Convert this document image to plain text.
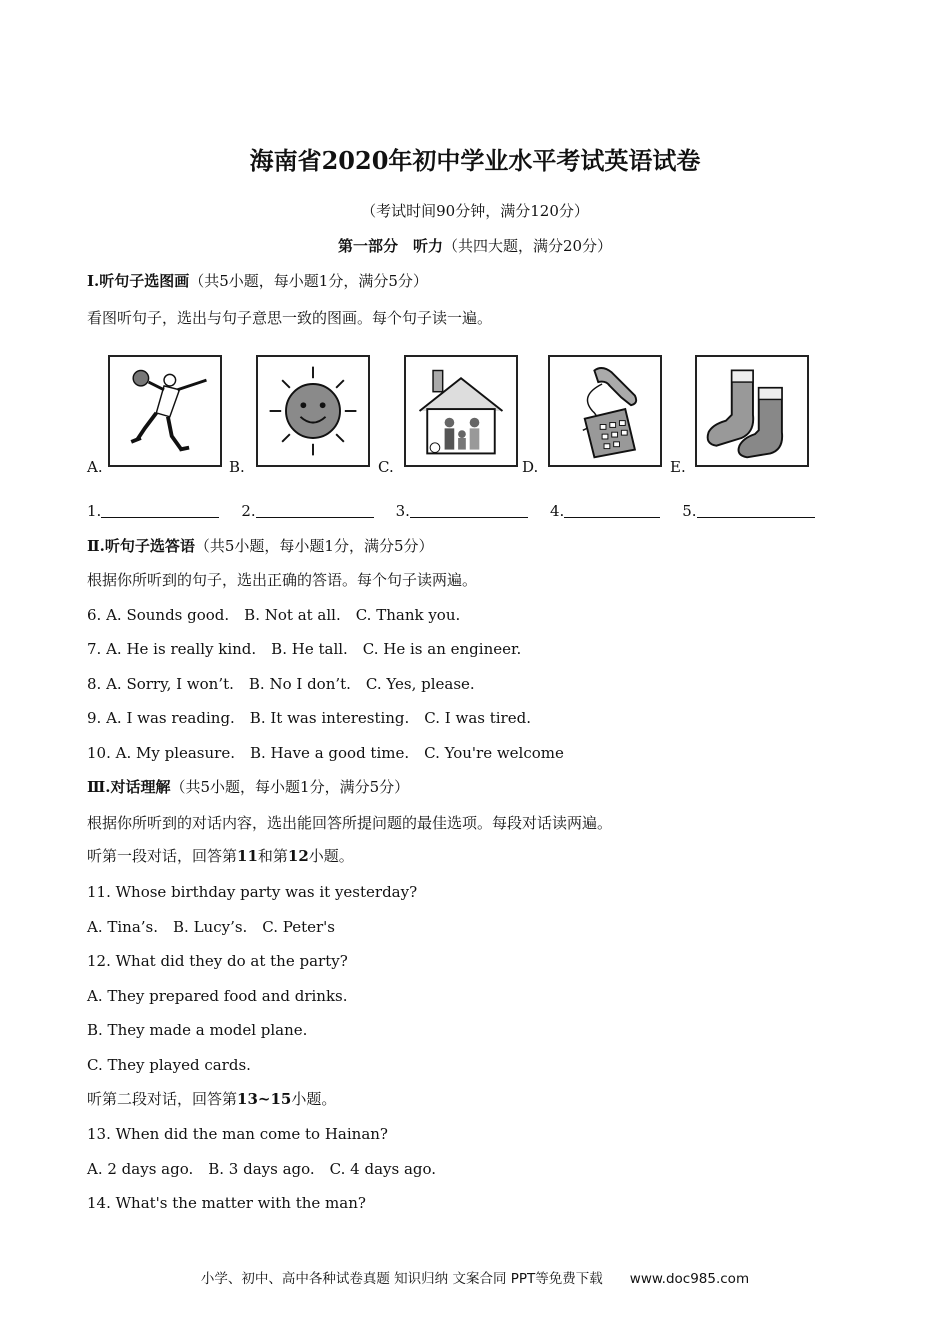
海南省2020年初中学业水平考试英语试卷
（考试时间90分钟，满分120分）
第一部分　听力（共四大题，满分20分）
I.听句子选图画（共5小题，每小题1分，满分5分）
看图听句子，选出与句子意思一致的图画。每个句子读一遍。
A.	B.	C.	D.	E.
1.	2.	3.	4.	5.
Ⅱ.听句子选答语（共5小题，每小题1分，满分5分）
根据你所听到的句子，选出正确的答语。每个句子读两遍。
6. A. Sounds good.　B. Not at all.　C. Thank you.
7. A. He is really kind.　B. He tall.　C. He is an engineer.
8. A. Sorry, I won’t.　B. No I don’t.　C. Yes, please.
9. A. I was reading.　B. It was interesting.　C. I was tired.
10. A. My pleasure.　B. Have a good time.　C. You're welcome
Ⅲ.对话理解（共5小题，每小题1分，满分5分）
根据你所听到的对话内容，选出能回答所提问题的最佳选项。每段对话读两遍。
听第一段对话，回答第11和第12小题。
11. Whose birthday party was it yesterday?
A. Tina’s.　B. Lucy’s.　C. Peter's
12. What did they do at the party?
A. They prepared food and drinks.
B. They made a model plane.
C. They played cards.
听第二段对话，回答第13~15小题。
13. When did the man come to Hainan?
A. 2 days ago.　B. 3 days ago.　C. 4 days ago.
14. What's the matter with the man?
小学、初中、高中各种试卷真题 知识归纳 文案合同 PPT等免费下载　　www.doc985.com
